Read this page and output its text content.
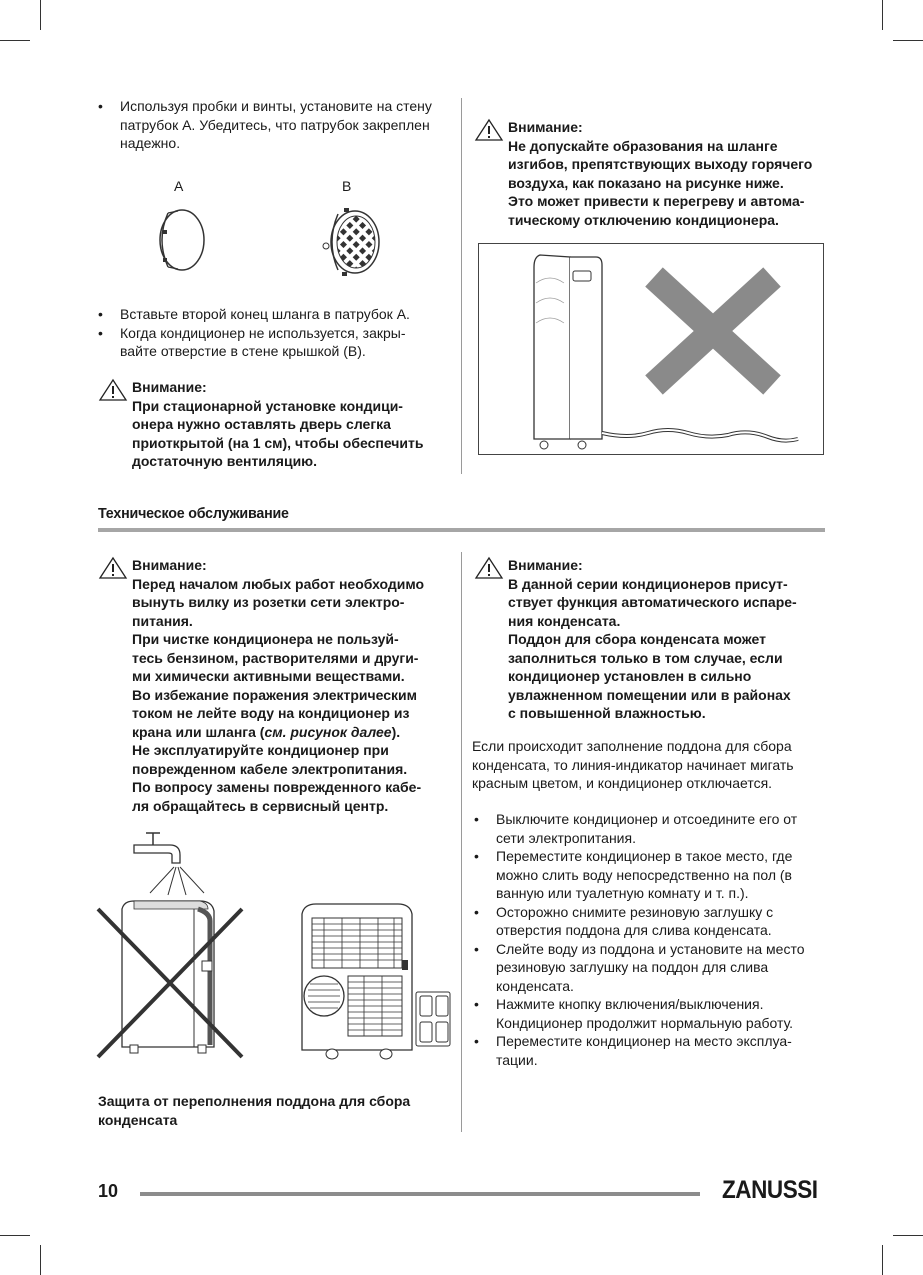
• Используя пробки и винты, установите на стену патрубок A. Убедитесь, что патрубок закреплен надежно.
A	B
• Вставьте второй конец шланга в патрубок A.
• Когда кондиционер не используется, закры-вайте отверстие в стене крышкой (B).
Внимание:
При стационарной установке кондици-
онера нужно оставлять дверь слегка
приоткрытой (на 1 см), чтобы обеспечить
достаточную вентиляцию.
Внимание:
Не допускайте образования на шланге
изгибов, препятствующих выходу горячего
воздуха, как показано на рисунке ниже.
Это может привести к перегреву и автома-
тическому отключению кондиционера.
Техническое обслуживание
Внимание:
Перед началом любых работ необходимо
вынуть вилку из розетки сети электро-
питания.
При чистке кондиционера не пользуй-
тесь бензином, растворителями и други-
ми химически активными веществами.
Во избежание поражения электрическим
током не лейте воду на кондиционер из
крана или шланга (см. рисунок далее).
Не эксплуатируйте кондиционер при
поврежденном кабеле электропитания.
По вопросу замены поврежденного кабе-
ля обращайтесь в сервисный центр.
Защита от переполнения поддона для сбора конденсата
Внимание:
В данной серии кондиционеров присут-
ствует функция автоматического испаре-
ния конденсата.
Поддон для сбора конденсата может
заполниться только в том случае, если
кондиционер установлен в сильно
увлажненном помещении или в районах
с повышенной влажностью.
Если происходит заполнение поддона для сбора конденсата, то линия-индикатор начинает мигать красным цветом, и кондиционер отключается.
• Выключите кондиционер и отсоедините его от сети электропитания.
• Переместите кондиционер в такое место, где можно слить воду непосредственно на пол (в ванную или туалетную комнату и т. п.).
• Осторожно снимите резиновую заглушку с отверстия поддона для слива конденсата.
• Слейте воду из поддона и установите на место резиновую заглушку на поддон для слива конденсата.
• Нажмите кнопку включения/выключения. Кондиционер продолжит нормальную работу.
• Переместите кондиционер на место эксплуа-тации.
10	ZANUSSI
